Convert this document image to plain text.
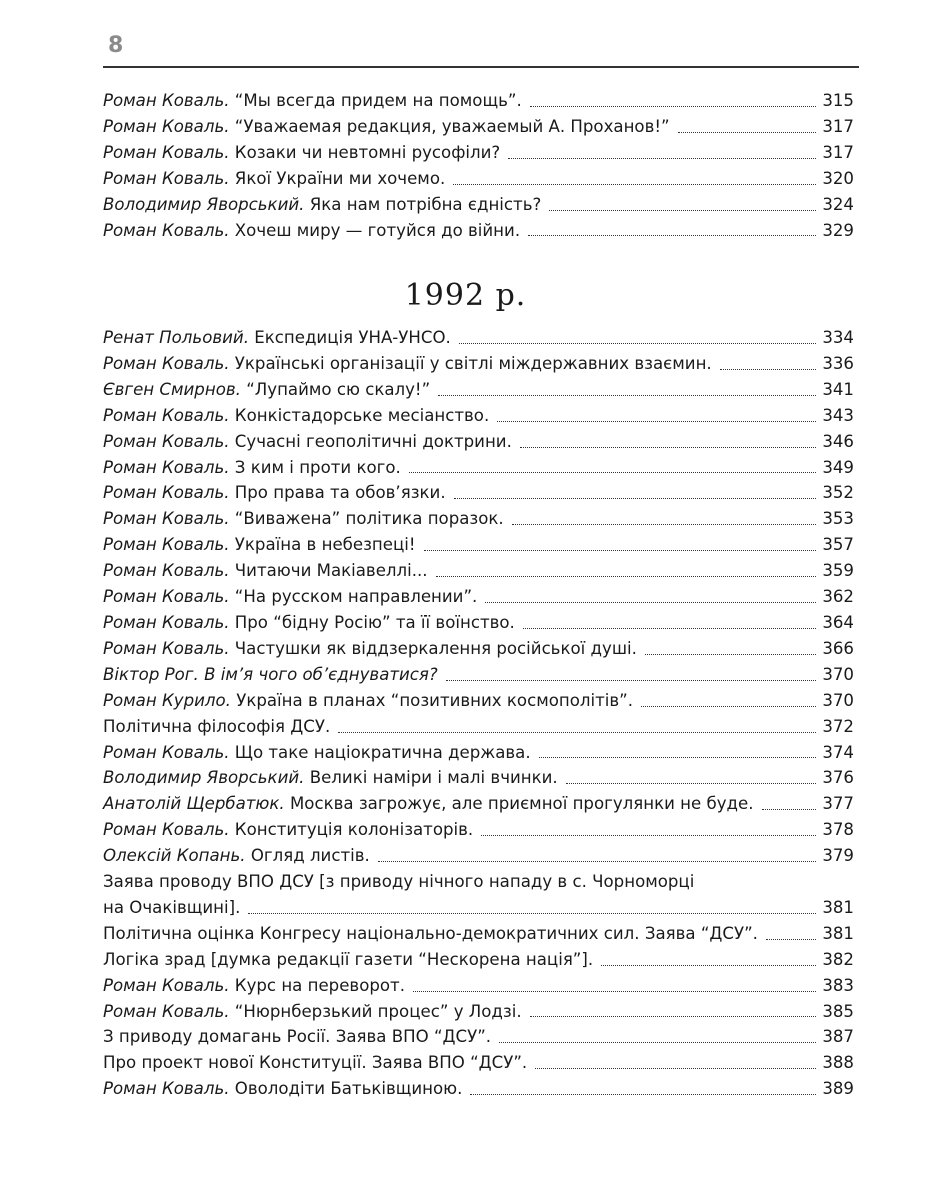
8
Роман Коваль. “Мы всегда придем на помощь”.	315
Роман Коваль. “Уважаемая редакция, уважаемый А. Проханов!”	317
Роман Коваль. Козаки чи невтомні русофіли?	317
Роман Коваль. Якої України ми хочемо.	320
Володимир Яворський. Яка нам потрібна єдність?	324
Роман Коваль. Хочеш миру — готуйся до війни.	329
1992 р.
Ренат Польовий. Експедиція УНА-УНСО.	334
Роман Коваль. Українські організації у світлі міждержавних взаємин.	336
Євген Смирнов. “Лупаймо сю скалу!”	341
Роман Коваль. Конкістадорське месіанство.	343
Роман Коваль. Сучасні геополітичні доктрини.	346
Роман Коваль. З ким і проти кого.	349
Роман Коваль. Про права та обов’язки.	352
Роман Коваль. “Виважена” політика поразок.	353
Роман Коваль. Україна в небезпеці!	357
Роман Коваль. Читаючи Макіавеллі...	359
Роман Коваль. “На русском направлении”.	362
Роман Коваль. Про “бідну Росію” та її воїнство.	364
Роман Коваль. Частушки як віддзеркалення російської душі.	366
Віктор Рог. В ім’я чого об’єднуватися?	370
Роман Курило. Україна в планах “позитивних космополітів”.	370
Політична філософія ДСУ.	372
Роман Коваль. Що таке націократична держава.	374
Володимир Яворський. Великі наміри і малі вчинки.	376
Анатолій Щербатюк. Москва загрожує, але приємної прогулянки не буде.	377
Роман Коваль. Конституція колонізаторів.	378
Олексій Копань. Огляд листів.	379
Заява проводу ВПО ДСУ [з приводу нічного нападу в с. Чорноморці
на Очаківщині].	381
Політична оцінка Конгресу національно-демократичних сил. Заява “ДСУ”.	381
Логіка зрад [думка редакції газети “Нескорена нація”].	382
Роман Коваль. Курс на переворот.	383
Роман Коваль. “Нюрнберзький процес” у Лодзі.	385
З приводу домагань Росії. Заява ВПО “ДСУ”.	387
Про проект нової Конституції. Заява ВПО “ДСУ”.	388
Роман Коваль. Оволодіти Батьківщиною.	389
